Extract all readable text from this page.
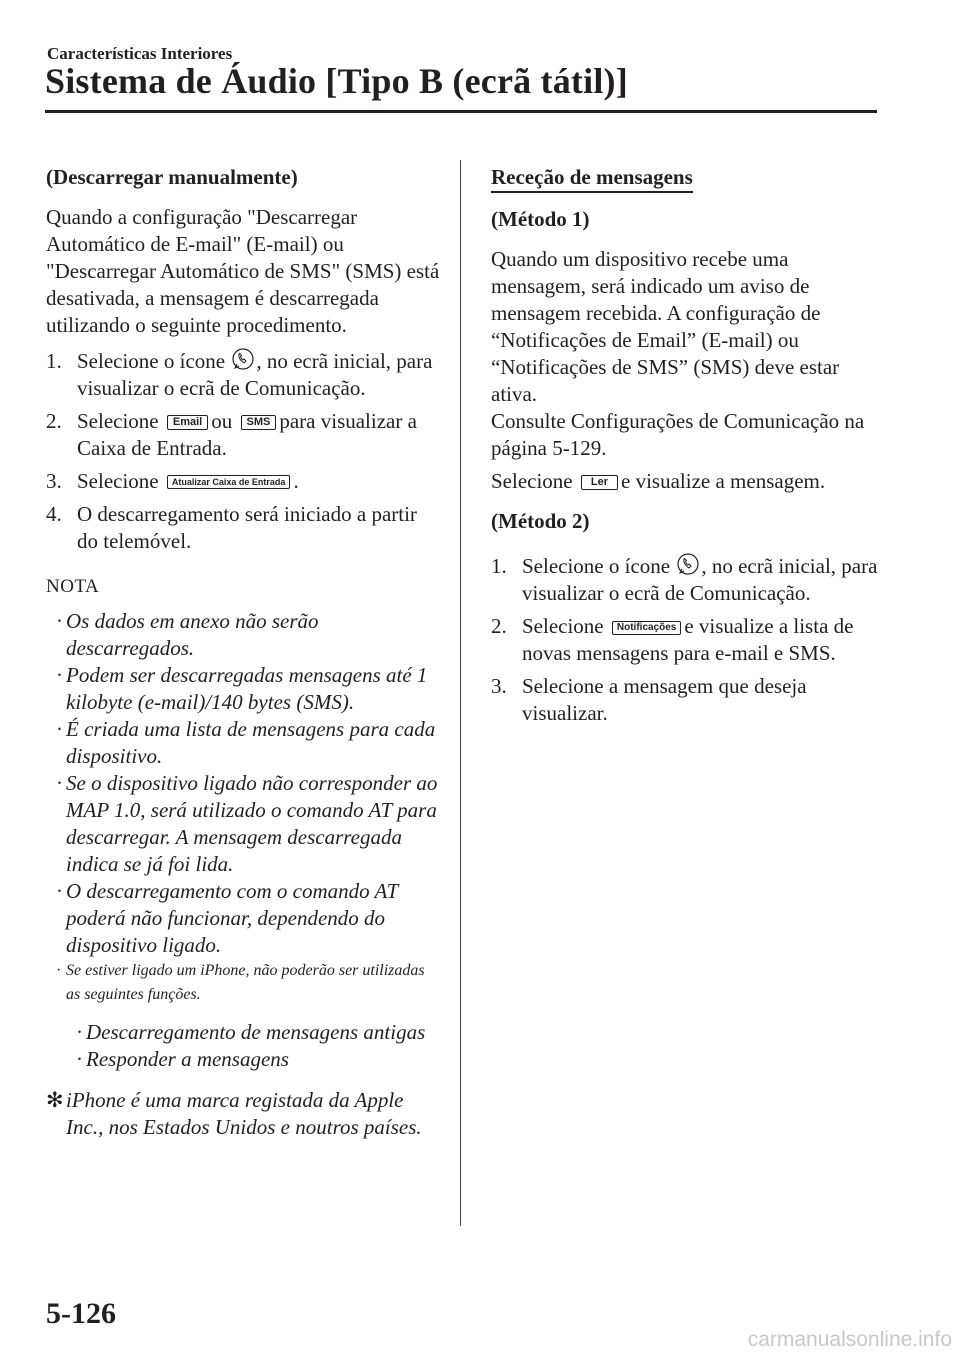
Características Interiores
Sistema de Áudio [Tipo B (ecrã tátil)]

(Descarregar manualmente)

Quando a configuração "Descarregar Automático de E-mail" (E-mail) ou "Descarregar Automático de SMS" (SMS) está desativada, a mensagem é descarregada utilizando o seguinte procedimento.

1. Selecione o ícone , no ecrã inicial, para visualizar o ecrã de Comunicação.
2. Selecione Email ou SMS para visualizar a Caixa de Entrada.
3. Selecione Atualizar Caixa de Entrada .
4. O descarregamento será iniciado a partir do telemóvel.

NOTA

· Os dados em anexo não serão descarregados.
· Podem ser descarregadas mensagens até 1 kilobyte (e-mail)/140 bytes (SMS).
· É criada uma lista de mensagens para cada dispositivo.
· Se o dispositivo ligado não corresponder ao MAP 1.0, será utilizado o comando AT para descarregar. A mensagem descarregada indica se já foi lida.
· O descarregamento com o comando AT poderá não funcionar, dependendo do dispositivo ligado.
· Se estiver ligado um iPhone, não poderão ser utilizadas as seguintes funções.
· Descarregamento de mensagens antigas
· Responder a mensagens
✻ iPhone é uma marca registada da Apple Inc., nos Estados Unidos e noutros países.

Receção de mensagens

(Método 1)

Quando um dispositivo recebe uma mensagem, será indicado um aviso de mensagem recebida. A configuração de “Notificações de Email” (E-mail) ou “Notificações de SMS” (SMS) deve estar ativa.

Consulte Configurações de Comunicação na página 5-129.

Selecione Ler e visualize a mensagem.

(Método 2)

1. Selecione o ícone , no ecrã inicial, para visualizar o ecrã de Comunicação.
2. Selecione Notificações e visualize a lista de novas mensagens para e-mail e SMS.
3. Selecione a mensagem que deseja visualizar.
5-126
carmanualsonline.info
